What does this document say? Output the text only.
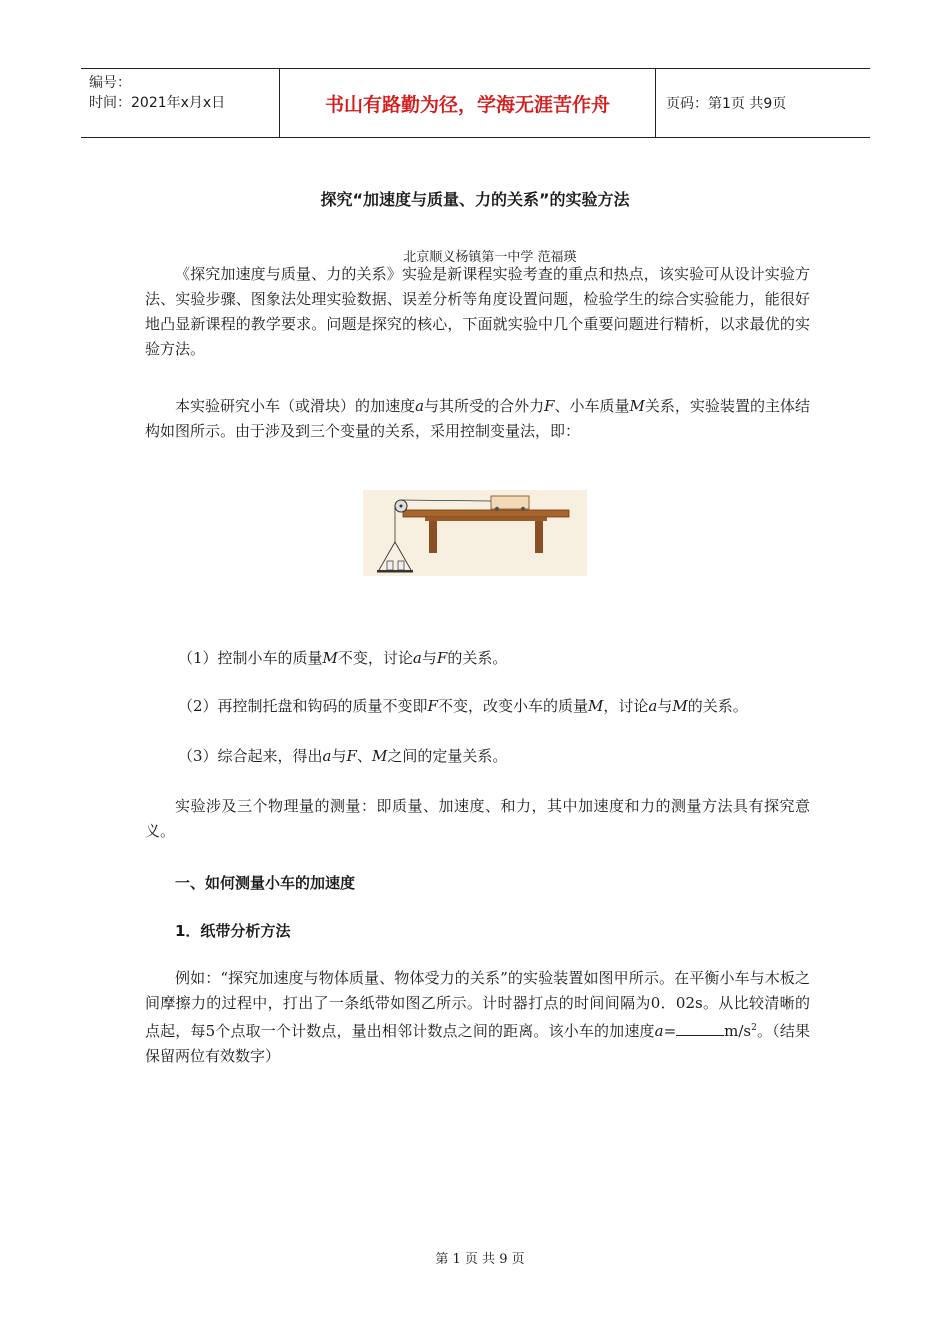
编号：
时间：2021年x月x日	书山有路勤为径，学海无涯苦作舟	页码：第1页 共9页
探究“加速度与质量、力的关系”的实验方法
北京顺义杨镇第一中学 范福瑛

《探究加速度与质量、力的关系》实验是新课程实验考查的重点和热点，该实验可从设计实验方法、实验步骤、图象法处理实验数据、误差分析等角度设置问题，检验学生的综合实验能力，能很好地凸显新课程的教学要求。问题是探究的核心，下面就实验中几个重要问题进行精析，以求最优的实验方法。

本实验研究小车（或滑块）的加速度a与其所受的合外力F、小车质量M关系，实验装置的主体结构如图所示。由于涉及到三个变量的关系，采用控制变量法，即：

（1）控制小车的质量M不变，讨论a与F的关系。
（2）再控制托盘和钩码的质量不变即F不变，改变小车的质量M，讨论a与M的关系。
（3）综合起来，得出a与F、M之间的定量关系。

实验涉及三个物理量的测量：即质量、加速度、和力，其中加速度和力的测量方法具有探究意义。

一、如何测量小车的加速度
1．纸带分析方法

例如：“探究加速度与物体质量、物体受力的关系”的实验装置如图甲所示。在平衡小车与木板之间摩擦力的过程中，打出了一条纸带如图乙所示。计时器打点的时间间隔为0．02s。从比较清晰的点起，每5个点取一个计数点，量出相邻计数点之间的距离。该小车的加速度a=	$m/s^2$。（结果保留两位有效数字）

第 1 页 共 9 页
